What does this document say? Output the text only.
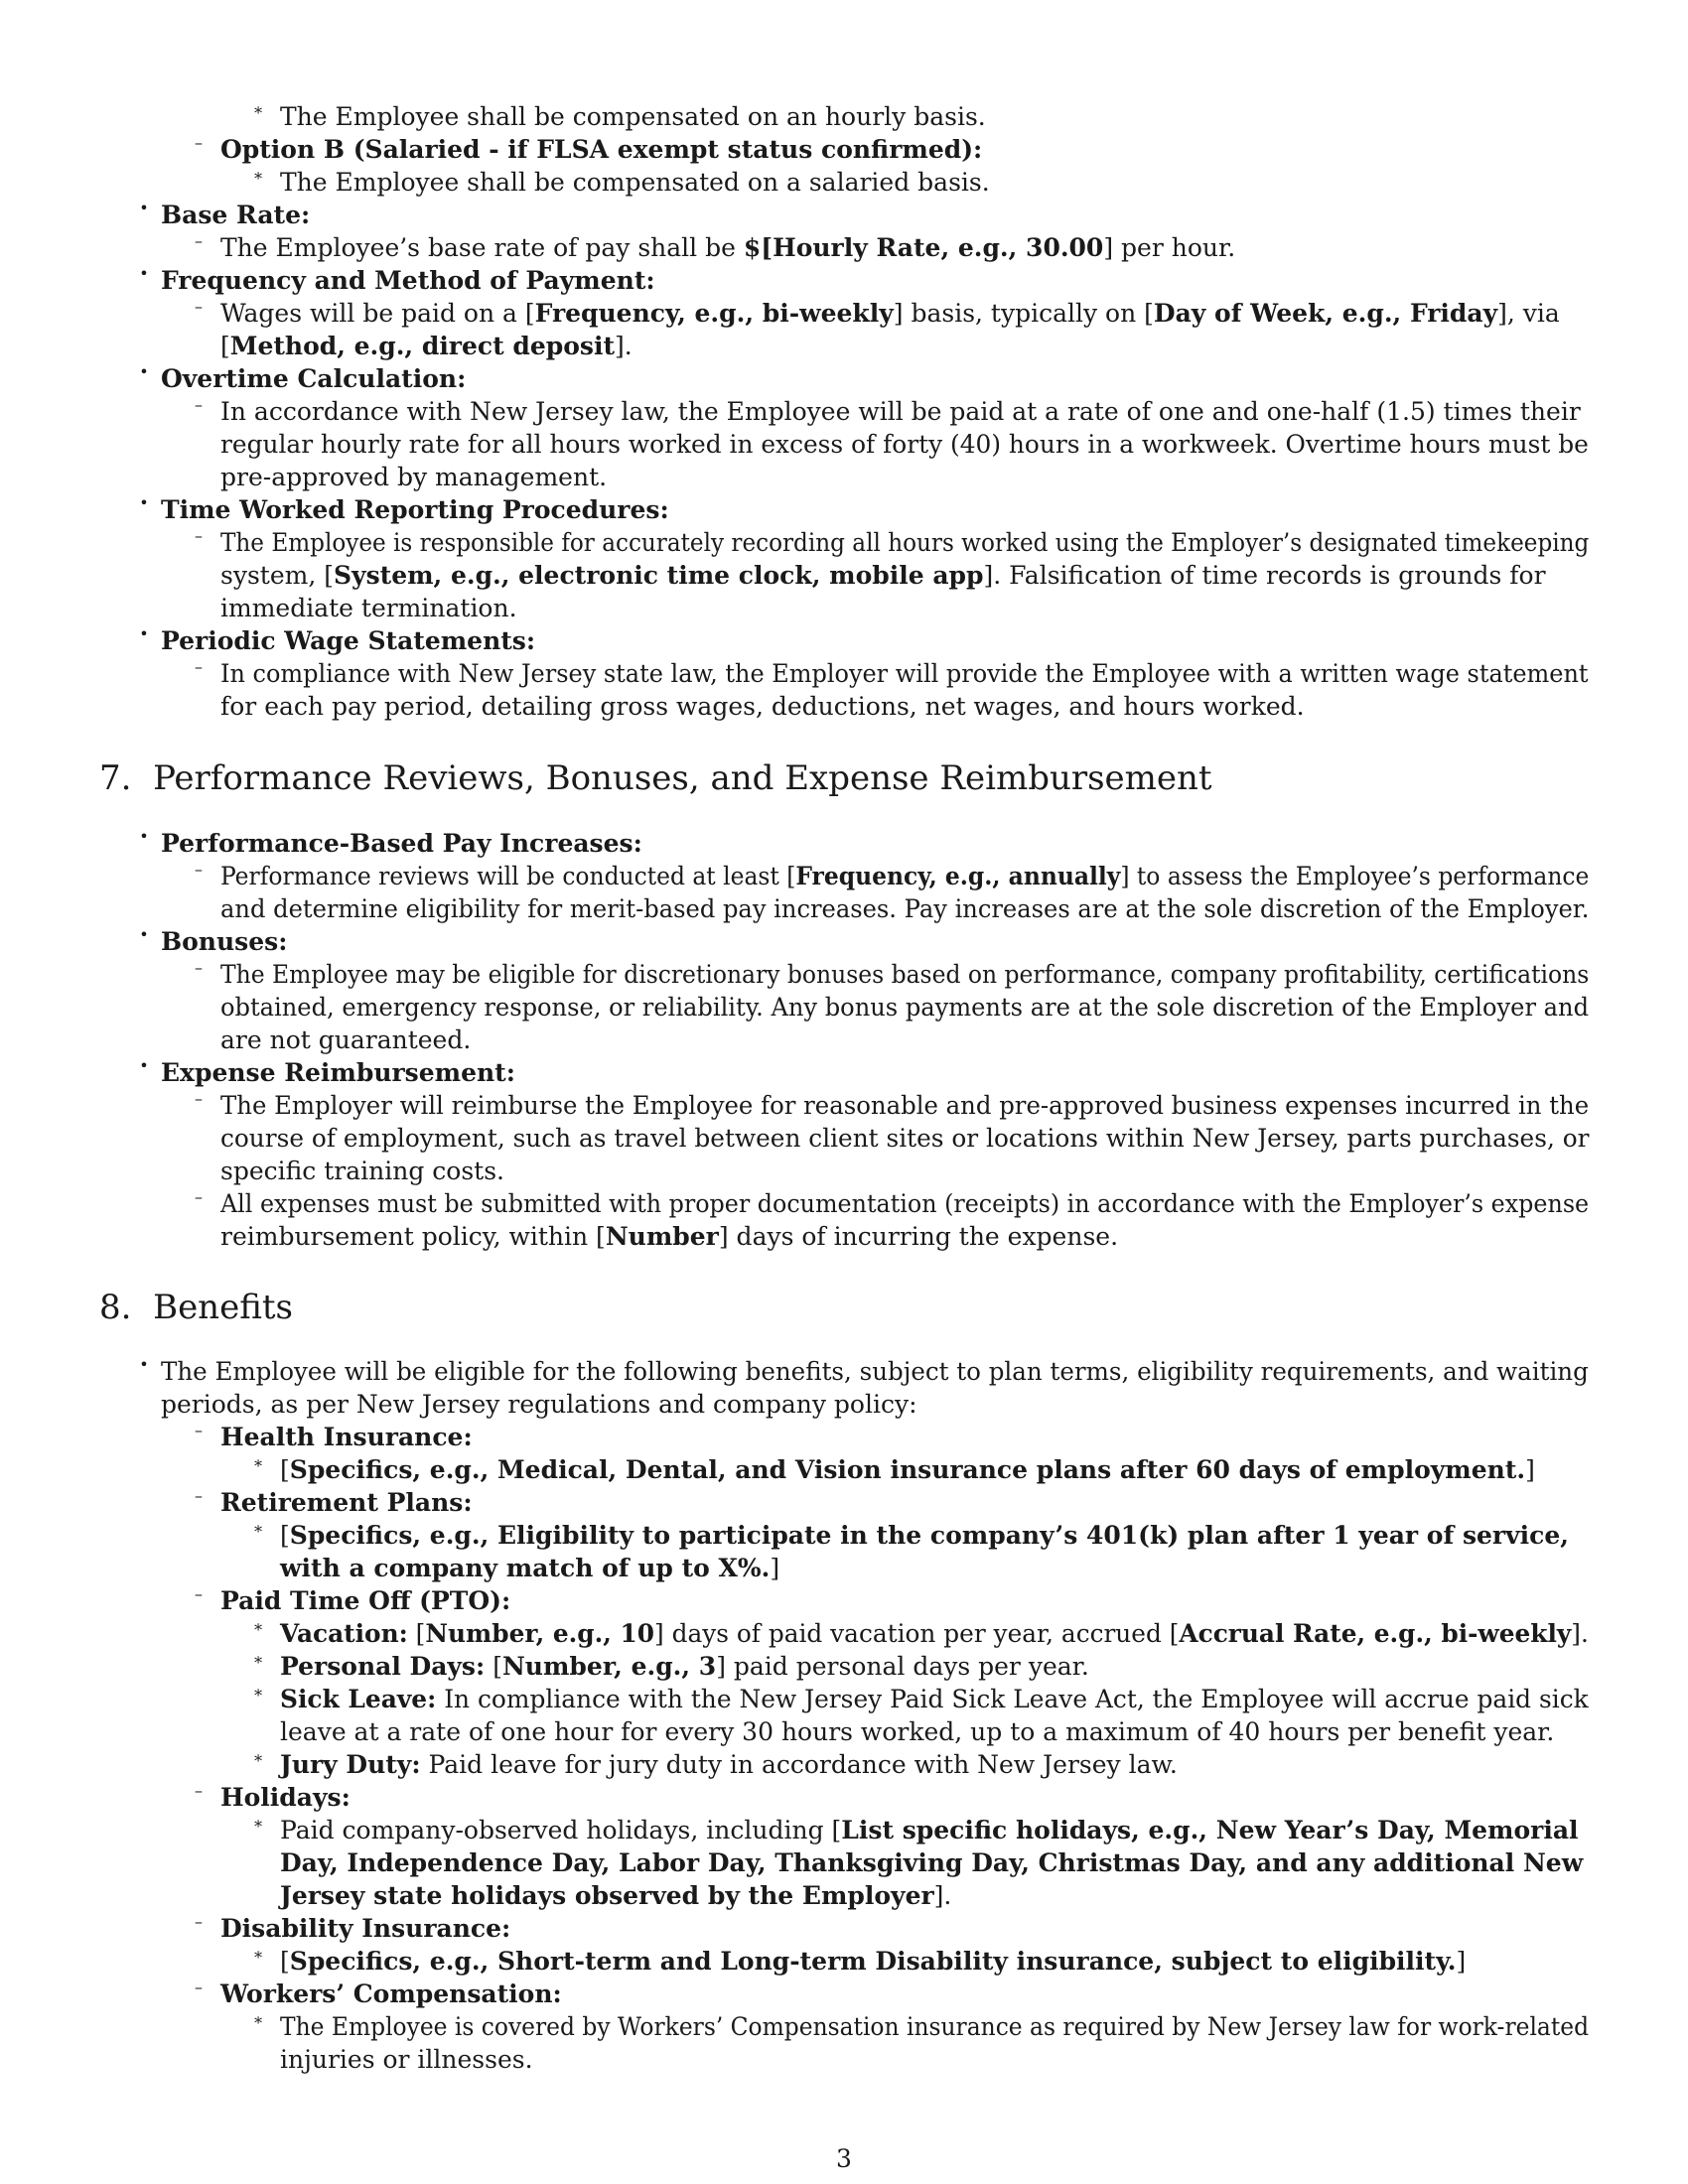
∗ The Employee shall be compensated on an hourly basis.
– Option B (Salaried - if FLSA exempt status confirmed):
∗ The Employee shall be compensated on a salaried basis.
• Base Rate:
– The Employee’s base rate of pay shall be $[Hourly Rate, e.g., 30.00] per hour.
• Frequency and Method of Payment:
– Wages will be paid on a [Frequency, e.g., bi-weekly] basis, typically on [Day of Week, e.g., Friday], via
[Method, e.g., direct deposit].
• Overtime Calculation:
– In accordance with New Jersey law, the Employee will be paid at a rate of one and one-half (1.5) times their
regular hourly rate for all hours worked in excess of forty (40) hours in a workweek. Overtime hours must be
pre-approved by management.
• Time Worked Reporting Procedures:
– The Employee is responsible for accurately recording all hours worked using the Employer’s designated timekeeping
system, [System, e.g., electronic time clock, mobile app]. Falsification of time records is grounds for
immediate termination.
• Periodic Wage Statements:
– In compliance with New Jersey state law, the Employer will provide the Employee with a written wage statement
for each pay period, detailing gross wages, deductions, net wages, and hours worked.
7. Performance Reviews, Bonuses, and Expense Reimbursement
• Performance-Based Pay Increases:
– Performance reviews will be conducted at least [Frequency, e.g., annually] to assess the Employee’s performance
and determine eligibility for merit-based pay increases. Pay increases are at the sole discretion of the Employer.
• Bonuses:
– The Employee may be eligible for discretionary bonuses based on performance, company profitability, certifications
obtained, emergency response, or reliability. Any bonus payments are at the sole discretion of the Employer and
are not guaranteed.
• Expense Reimbursement:
– The Employer will reimburse the Employee for reasonable and pre-approved business expenses incurred in the
course of employment, such as travel between client sites or locations within New Jersey, parts purchases, or
specific training costs.
– All expenses must be submitted with proper documentation (receipts) in accordance with the Employer’s expense
reimbursement policy, within [Number] days of incurring the expense.
8. Benefits
• The Employee will be eligible for the following benefits, subject to plan terms, eligibility requirements, and waiting
periods, as per New Jersey regulations and company policy:
– Health Insurance:
∗ [Specifics, e.g., Medical, Dental, and Vision insurance plans after 60 days of employment.]
– Retirement Plans:
∗ [Specifics, e.g., Eligibility to participate in the company’s 401(k) plan after 1 year of service,
with a company match of up to X%.]
– Paid Time Off (PTO):
∗ Vacation: [Number, e.g., 10] days of paid vacation per year, accrued [Accrual Rate, e.g., bi-weekly].
∗ Personal Days: [Number, e.g., 3] paid personal days per year.
∗ Sick Leave: In compliance with the New Jersey Paid Sick Leave Act, the Employee will accrue paid sick
leave at a rate of one hour for every 30 hours worked, up to a maximum of 40 hours per benefit year.
∗ Jury Duty: Paid leave for jury duty in accordance with New Jersey law.
– Holidays:
∗ Paid company-observed holidays, including [List specific holidays, e.g., New Year’s Day, Memorial
Day, Independence Day, Labor Day, Thanksgiving Day, Christmas Day, and any additional New
Jersey state holidays observed by the Employer].
– Disability Insurance:
∗ [Specifics, e.g., Short-term and Long-term Disability insurance, subject to eligibility.]
– Workers’ Compensation:
∗ The Employee is covered by Workers’ Compensation insurance as required by New Jersey law for work-related
injuries or illnesses.
3
